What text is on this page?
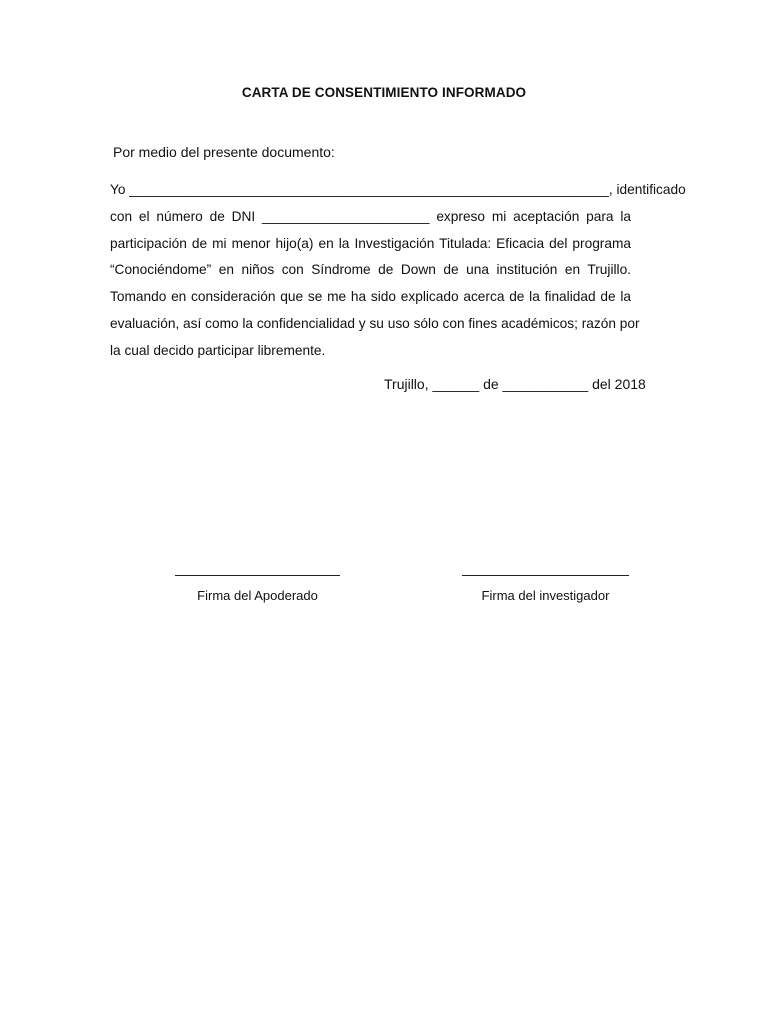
CARTA DE CONSENTIMIENTO INFORMADO
Por medio del presente documento:
Yo _______________________________________________________________, identificado
con el número de DNI ______________________ expreso mi aceptación para la
participación de mi menor hijo(a) en la Investigación Titulada: Eficacia del programa
“Conociéndome” en niños con Síndrome de Down de una institución en Trujillo.
Tomando en consideración que se me ha sido explicado acerca de la finalidad de la
evaluación, así como la confidencialidad y su uso sólo con fines académicos; razón por
la cual decido participar libremente.
Trujillo, ______ de ___________ del 2018
Firma del Apoderado	Firma del investigador
